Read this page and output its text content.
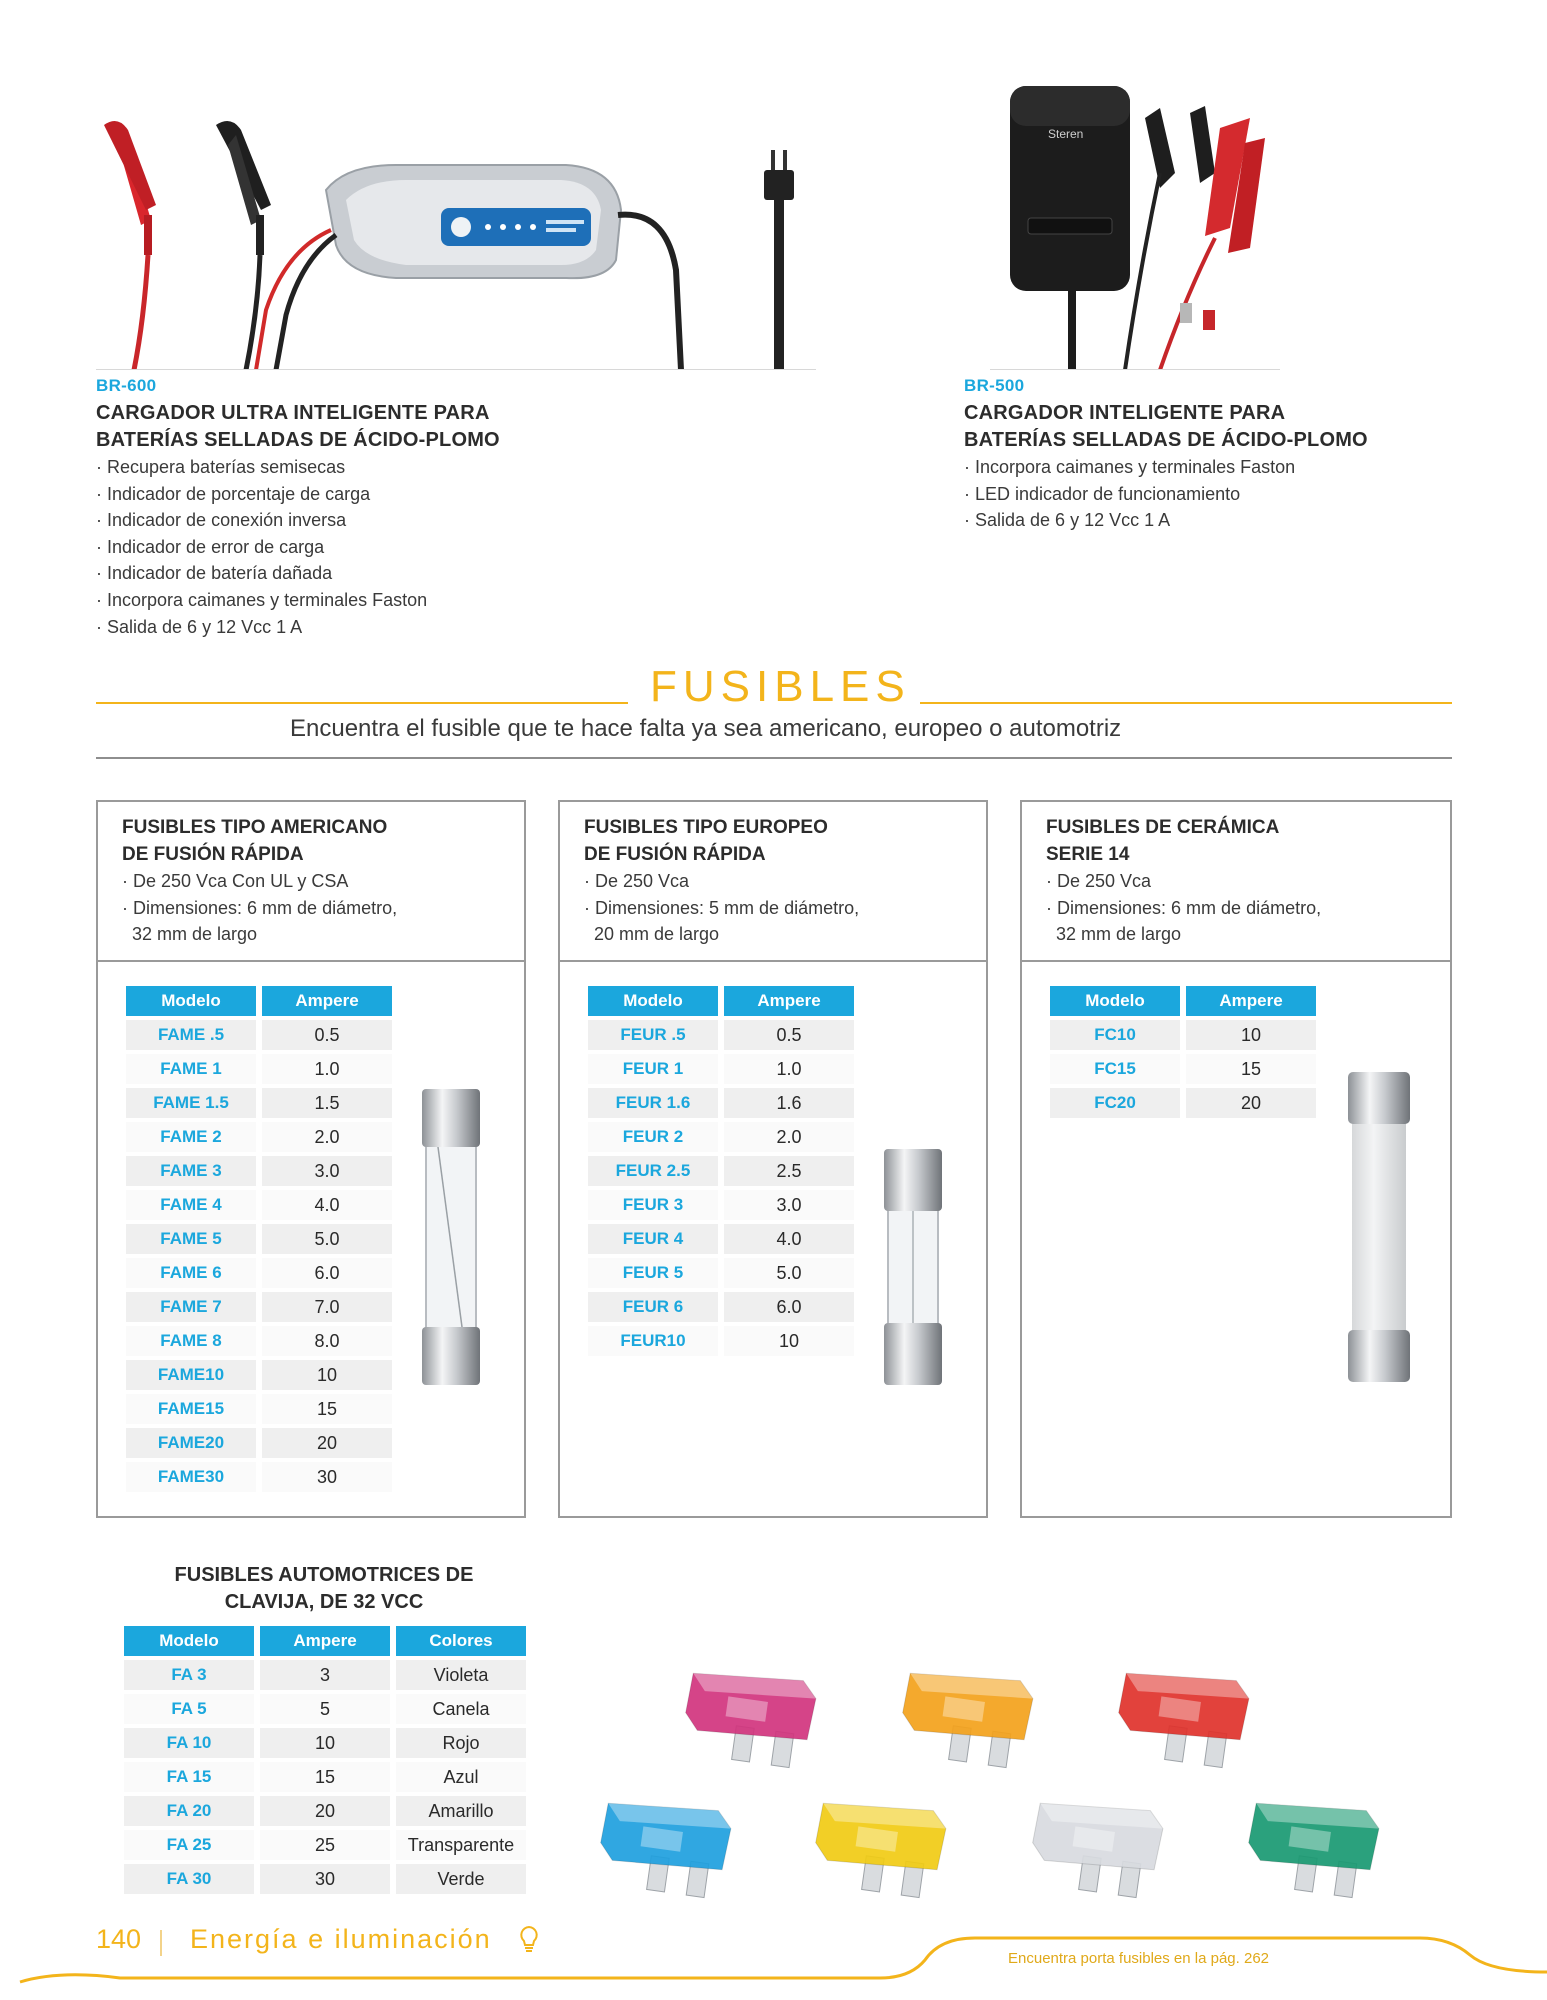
BR-600
CARGADOR ULTRA INTELIGENTE PARA
BATERÍAS SELLADAS DE ÁCIDO-PLOMO
· Recupera baterías semisecas
· Indicador de porcentaje de carga
· Indicador de conexión inversa
· Indicador de error de carga
· Indicador de batería dañada
· Incorpora caimanes y terminales Faston
· Salida de 6 y 12 Vcc 1 A
Steren
BR-500
CARGADOR INTELIGENTE PARA
BATERÍAS SELLADAS DE ÁCIDO-PLOMO
· Incorpora caimanes y terminales Faston
· LED indicador de funcionamiento
· Salida de 6 y 12 Vcc 1 A
FUSIBLES
Encuentra el fusible que te hace falta ya sea americano, europeo o automotriz
FUSIBLES TIPO AMERICANO
DE FUSIÓN RÁPIDA
· De 250 Vca Con UL y CSA
· Dimensiones: 6 mm de diámetro,
32 mm de largo
Modelo	Ampere
FAME .5	0.5
FAME 1	1.0
FAME 1.5	1.5
FAME 2	2.0
FAME 3	3.0
FAME 4	4.0
FAME 5	5.0
FAME 6	6.0
FAME 7	7.0
FAME 8	8.0
FAME10	10
FAME15	15
FAME20	20
FAME30	30
FUSIBLES TIPO EUROPEO
DE FUSIÓN RÁPIDA
· De 250 Vca
· Dimensiones: 5 mm de diámetro,
20 mm de largo
Modelo	Ampere
FEUR .5	0.5
FEUR 1	1.0
FEUR 1.6	1.6
FEUR 2	2.0
FEUR 2.5	2.5
FEUR 3	3.0
FEUR 4	4.0
FEUR 5	5.0
FEUR 6	6.0
FEUR10	10
FUSIBLES DE CERÁMICA
SERIE 14
· De 250 Vca
· Dimensiones: 6 mm de diámetro,
32 mm de largo
Modelo	Ampere
FC10	10
FC15	15
FC20	20
FUSIBLES AUTOMOTRICES DE
CLAVIJA, DE 32 VCC
Modelo	Ampere	Colores
FA 3	3	Violeta
FA 5	5	Canela
FA 10	10	Rojo
FA 15	15	Azul
FA 20	20	Amarillo
FA 25	25	Transparente
FA 30	30	Verde
140 Energía e iluminación
Encuentra porta fusibles en la pág. 262
